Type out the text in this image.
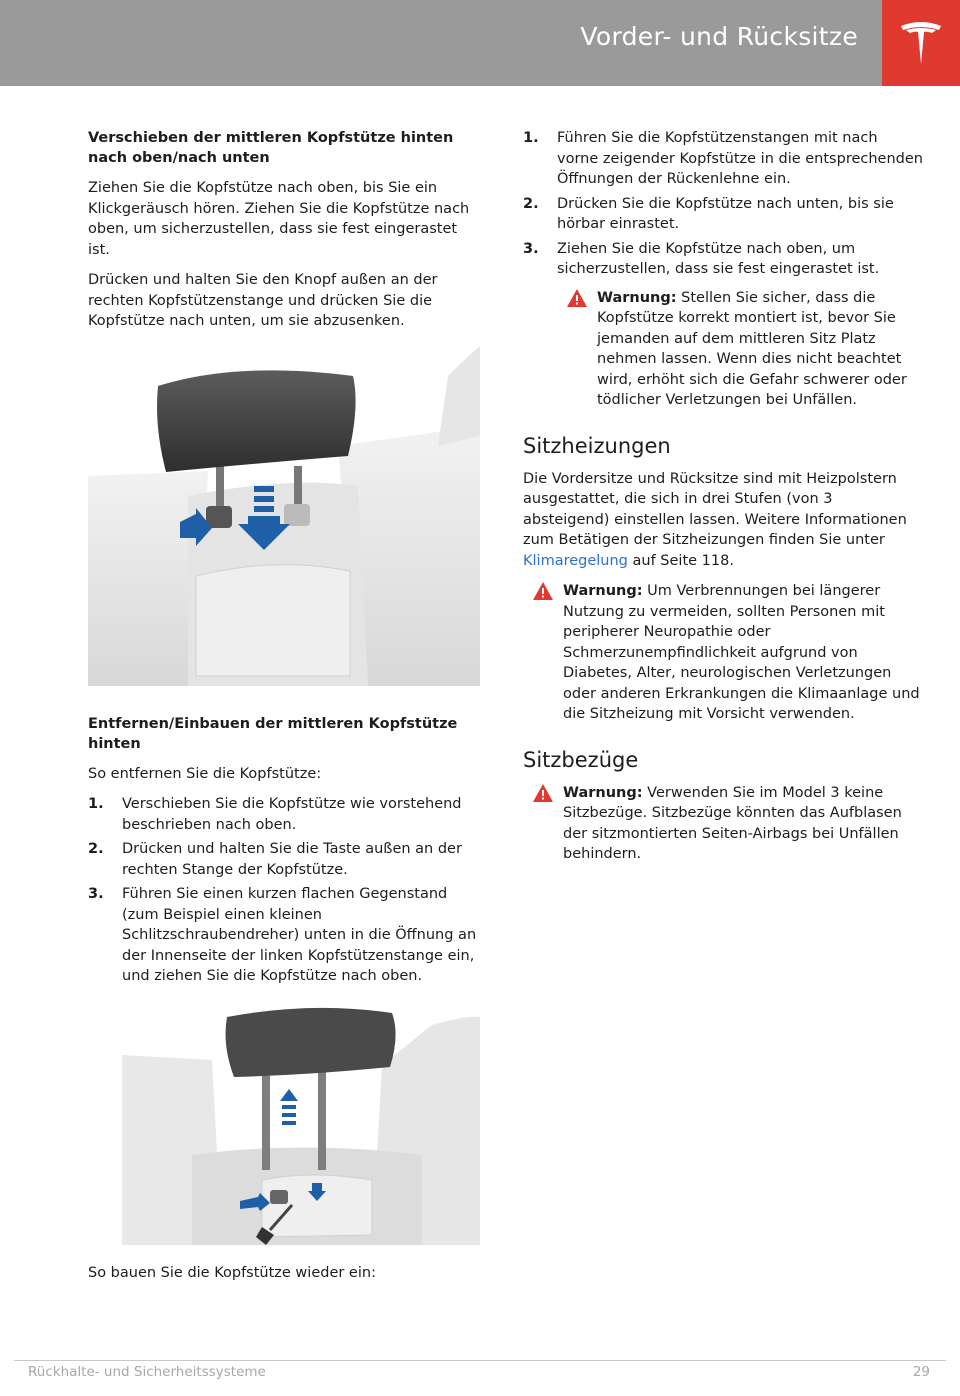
Vorder- und Rücksitze
Verschieben der mittleren Kopfstütze hinten nach oben/nach unten
Ziehen Sie die Kopfstütze nach oben, bis Sie ein Klickgeräusch hören. Ziehen Sie die Kopfstütze nach oben, um sicherzustellen, dass sie fest eingerastet ist.
Drücken und halten Sie den Knopf außen an der rechten Kopfstützenstange und drücken Sie die Kopfstütze nach unten, um sie abzusenken.
Entfernen/Einbauen der mittleren Kopfstütze hinten
So entfernen Sie die Kopfstütze:
1. Verschieben Sie die Kopfstütze wie vorstehend beschrieben nach oben.
2. Drücken und halten Sie die Taste außen an der rechten Stange der Kopfstütze.
3. Führen Sie einen kurzen flachen Gegenstand (zum Beispiel einen kleinen Schlitzschraubendreher) unten in die Öffnung an der Innenseite der linken Kopfstützenstange ein, und ziehen Sie die Kopfstütze nach oben.
So bauen Sie die Kopfstütze wieder ein:
1. Führen Sie die Kopfstützenstangen mit nach vorne zeigender Kopfstütze in die entsprechenden Öffnungen der Rückenlehne ein.
2. Drücken Sie die Kopfstütze nach unten, bis sie hörbar einrastet.
3. Ziehen Sie die Kopfstütze nach oben, um sicherzustellen, dass sie fest eingerastet ist.
Warnung: Stellen Sie sicher, dass die Kopfstütze korrekt montiert ist, bevor Sie jemanden auf dem mittleren Sitz Platz nehmen lassen. Wenn dies nicht beachtet wird, erhöht sich die Gefahr schwerer oder tödlicher Verletzungen bei Unfällen.
Sitzheizungen
Die Vordersitze und Rücksitze sind mit Heizpolstern ausgestattet, die sich in drei Stufen (von 3 absteigend) einstellen lassen. Weitere Informationen zum Betätigen der Sitzheizungen finden Sie unter Klimaregelung auf Seite 118.
Warnung: Um Verbrennungen bei längerer Nutzung zu vermeiden, sollten Personen mit peripherer Neuropathie oder Schmerzunempfindlichkeit aufgrund von Diabetes, Alter, neurologischen Verletzungen oder anderen Erkrankungen die Klimaanlage und die Sitzheizung mit Vorsicht verwenden.
Sitzbezüge
Warnung: Verwenden Sie im Model 3 keine Sitzbezüge. Sitzbezüge könnten das Aufblasen der sitzmontierten Seiten-Airbags bei Unfällen behindern.
Rückhalte- und Sicherheitssysteme	29
